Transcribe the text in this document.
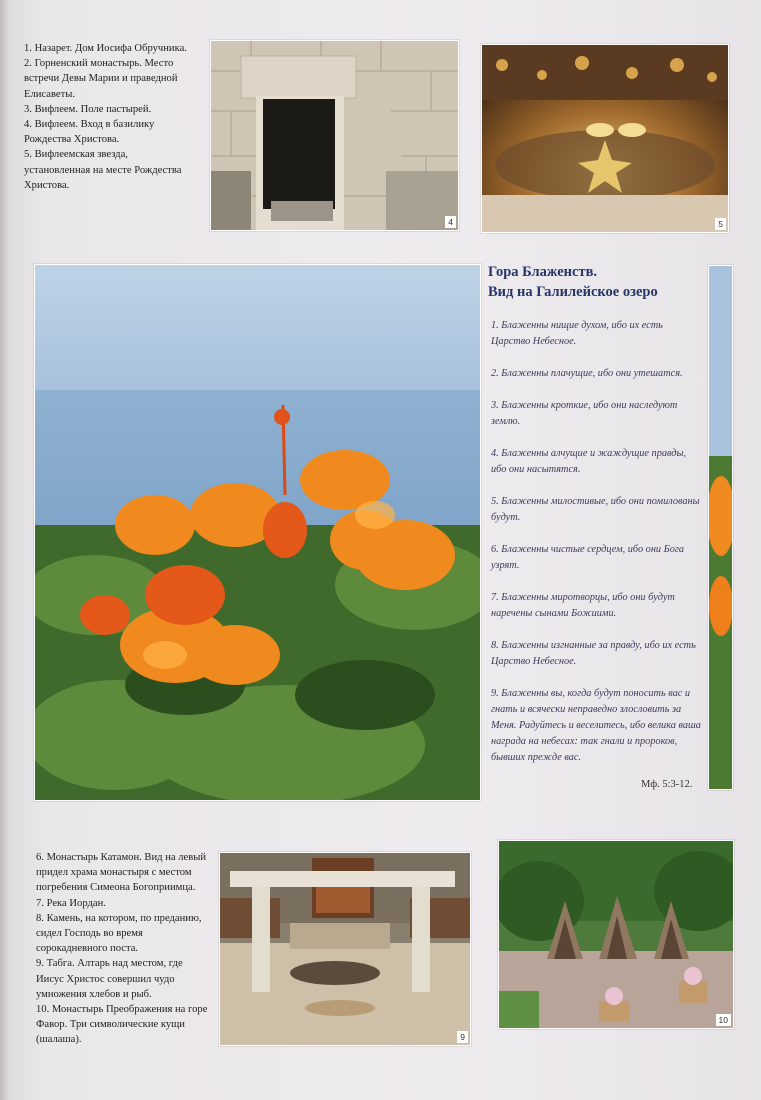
1. Назарет. Дом Иосифа Обручника.

2. Горненский монастырь. Место встречи Девы Марии и праведной Елисаветы.

3. Вифлеем. Поле пастырей.

4. Вифлеем. Вход в базилику Рождества Христова.

5. Вифлеемская звезда, установленная на месте Рождества Христова.

4	5
Гора Блаженств.
Вид на Галилейское озеро

1. Блаженны нищие духом, ибо их есть Царство Небесное.

2. Блаженны плачущие, ибо они утешатся.

3. Блаженны кроткие, ибо они наследуют землю.

4. Блаженны алчущие и жаждущие правды, ибо они насытятся.

5. Блаженны милостивые, ибо они помилованы будут.

6. Блаженны чистые сердцем, ибо они Бога узрят.

7. Блаженны миротворцы, ибо они будут наречены сынами Божиими.

8. Блаженны изгнанные за правду, ибо их есть Царство Небесное.

9. Блаженны вы, когда будут поносить вас и гнать и всячески неправедно злословить за Меня. Радуйтесь и веселитесь, ибо велика ваша награда на небесах: так гнали и пророков, бывших прежде вас.

Мф. 5:3-12.

6. Монастырь Катамон. Вид на левый придел храма монастыря с местом погребения Симеона Богоприимца.

7. Река Иордан.

8. Камень, на котором, по преданию, сидел Господь во время сорокадневного поста.

9. Табга. Алтарь над местом, где Иисус Христос совершил чудо умножения хлебов и рыб.

10. Монастырь Преображения на горе Фавор. Три символические кущи (шалаша).	9
10
